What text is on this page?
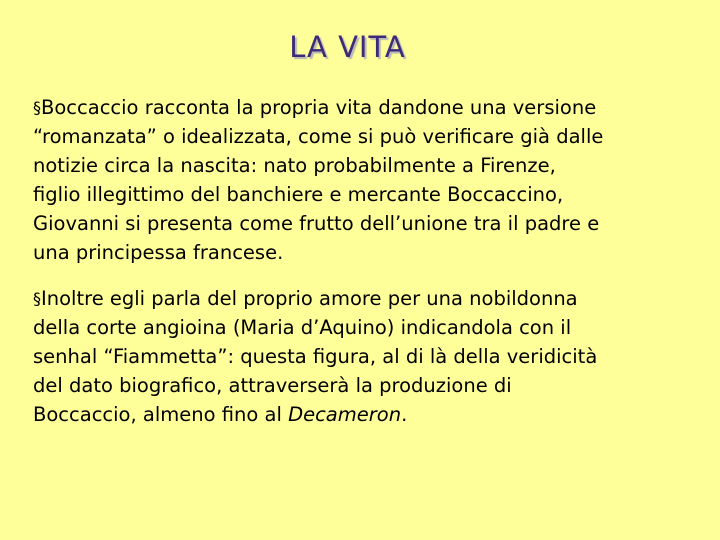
LA VITA

§Boccaccio racconta la propria vita dandone una versione
“romanzata” o idealizzata, come si può verificare già dalle
notizie circa la nascita: nato probabilmente a Firenze,
figlio illegittimo del banchiere e mercante Boccaccino,
Giovanni si presenta come frutto dell’unione tra il padre e
una principessa francese.

§Inoltre egli parla del proprio amore per una nobildonna
della corte angioina (Maria d’Aquino) indicandola con il
senhal “Fiammetta”: questa figura, al di là della veridicità
del dato biografico, attraverserà la produzione di
Boccaccio, almeno fino al Decameron.
